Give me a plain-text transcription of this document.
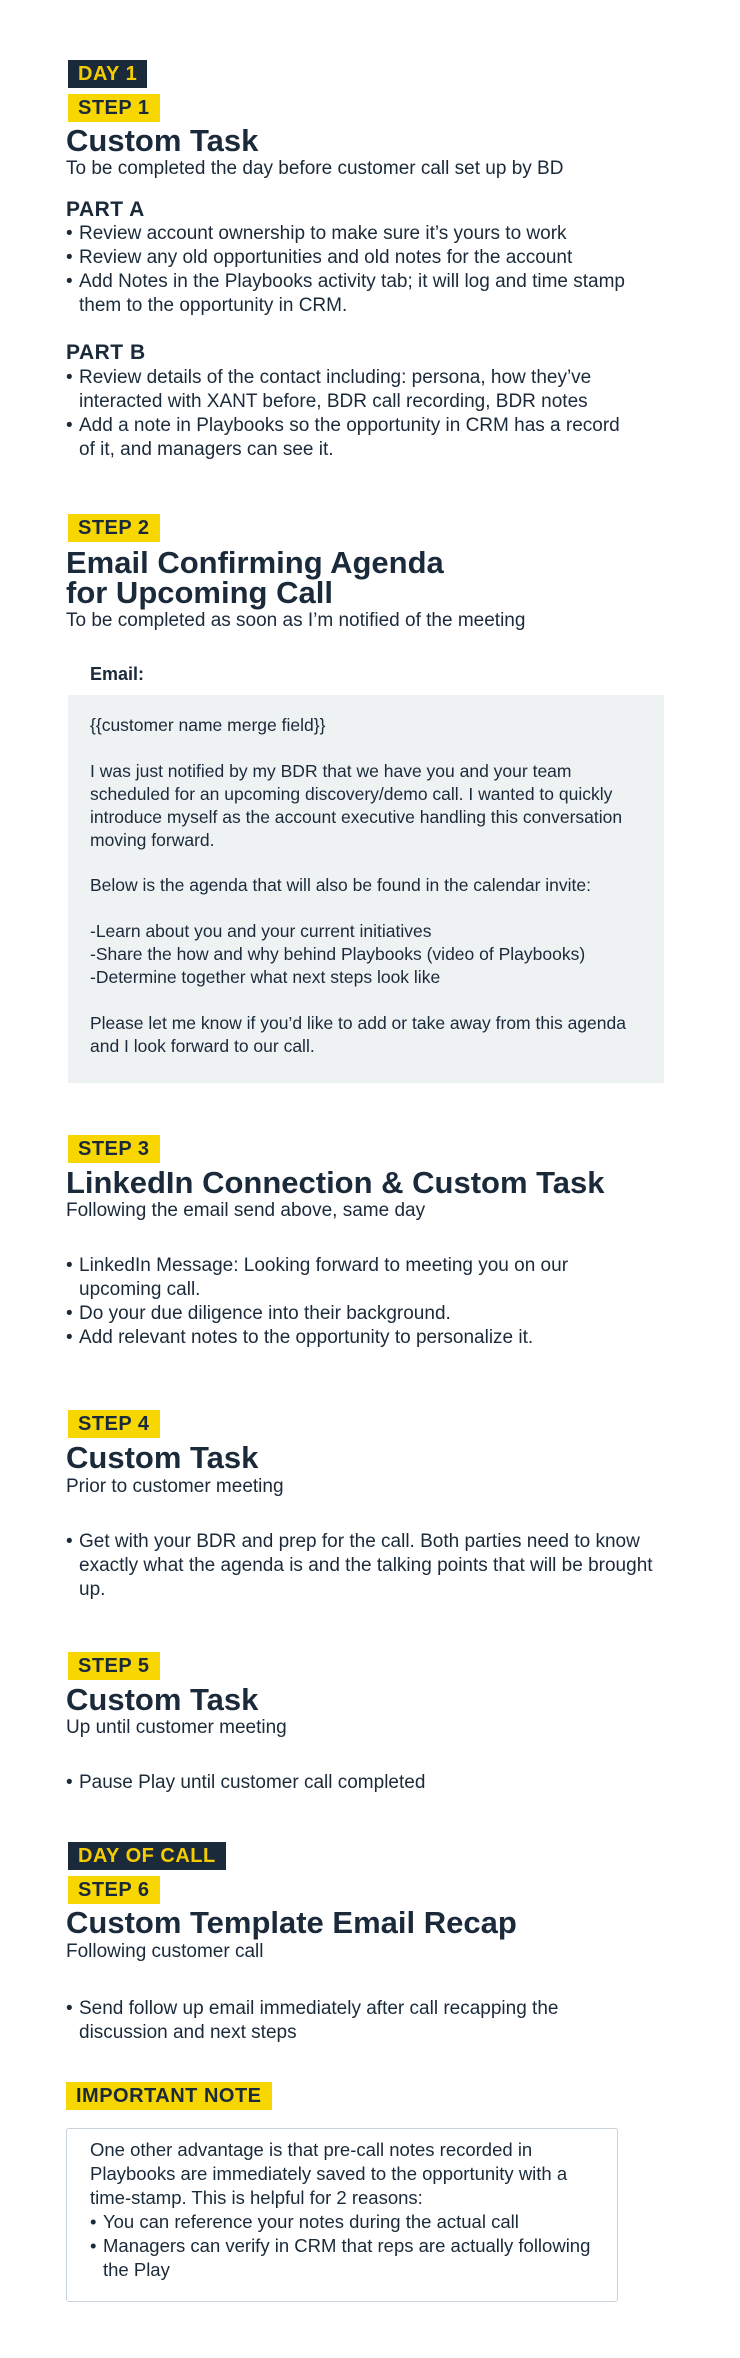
DAY 1
STEP 1
Custom Task
To be completed the day before customer call set up by BD
PART A
• Review account ownership to make sure it’s yours to work
• Review any old opportunities and old notes for the account
• Add Notes in the Playbooks activity tab; it will log and time stamp them to the opportunity in CRM.
PART B
• Review details of the contact including: persona, how they’ve interacted with XANT before, BDR call recording, BDR notes
• Add a note in Playbooks so the opportunity in CRM has a record of it, and managers can see it.
STEP 2
Email Confirming Agenda
for Upcoming Call
To be completed as soon as I’m notified of the meeting
Email:
{{customer name merge field}}
I was just notified by my BDR that we have you and your team scheduled for an upcoming discovery/demo call. I wanted to quickly introduce myself as the account executive handling this conversation moving forward.
Below is the agenda that will also be found in the calendar invite:
-Learn about you and your current initiatives
-Share the how and why behind Playbooks (video of Playbooks)
-Determine together what next steps look like
Please let me know if you’d like to add or take away from this agenda and I look forward to our call.
STEP 3
LinkedIn Connection & Custom Task
Following the email send above, same day
• LinkedIn Message: Looking forward to meeting you on our upcoming call.
• Do your due diligence into their background.
• Add relevant notes to the opportunity to personalize it.
STEP 4
Custom Task
Prior to customer meeting
• Get with your BDR and prep for the call. Both parties need to know exactly what the agenda is and the talking points that will be brought up.
STEP 5
Custom Task
Up until customer meeting
• Pause Play until customer call completed
DAY OF CALL
STEP 6
Custom Template Email Recap
Following customer call
• Send follow up email immediately after call recapping the discussion and next steps
IMPORTANT NOTE
One other advantage is that pre-call notes recorded in Playbooks are immediately saved to the opportunity with a time-stamp. This is helpful for 2 reasons:
• You can reference your notes during the actual call
• Managers can verify in CRM that reps are actually following the Play
